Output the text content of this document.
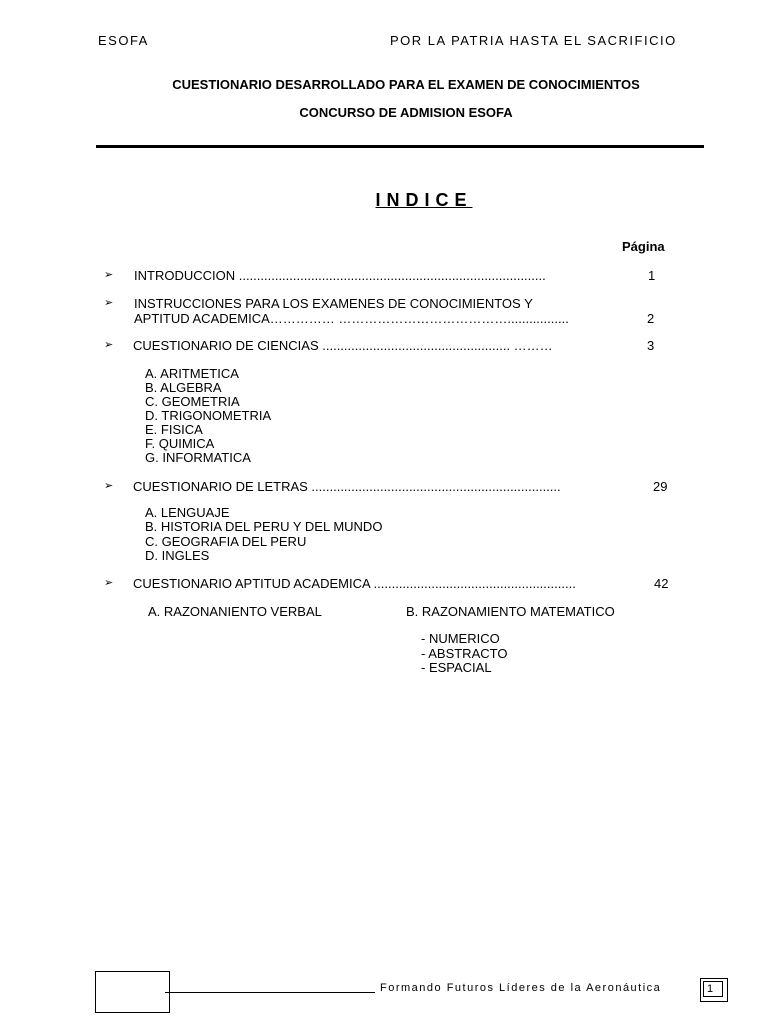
ESOFA	POR LA PATRIA HASTA EL SACRIFICIO
CUESTIONARIO DESARROLLADO PARA EL EXAMEN DE CONOCIMIENTOS
CONCURSO DE ADMISION ESOFA
INDICE
Página
➢ INTRODUCCION .....................................................................................	1
➢ INSTRUCCIONES PARA LOS EXAMENES DE CONOCIMIENTOS Y
APTITUD ACADEMICA…………… ………………………………….................	2
➢ CUESTIONARIO DE CIENCIAS .................................................... ………	3
A. ARITMETICA
B. ALGEBRA
C. GEOMETRIA
D. TRIGONOMETRIA
E. FISICA
F. QUIMICA
G. INFORMATICA
➢ CUESTIONARIO DE LETRAS .....................................................................	29
A. LENGUAJE
B. HISTORIA DEL PERU Y DEL MUNDO
C. GEOGRAFIA DEL PERU
D. INGLES
➢ CUESTIONARIO APTITUD ACADEMICA ........................................................	42
A. RAZONANIENTO VERBAL	B. RAZONAMIENTO MATEMATICO
- NUMERICO
- ABSTRACTO
- ESPACIAL
Formando Futuros Líderes de la Aeronáutica	1
